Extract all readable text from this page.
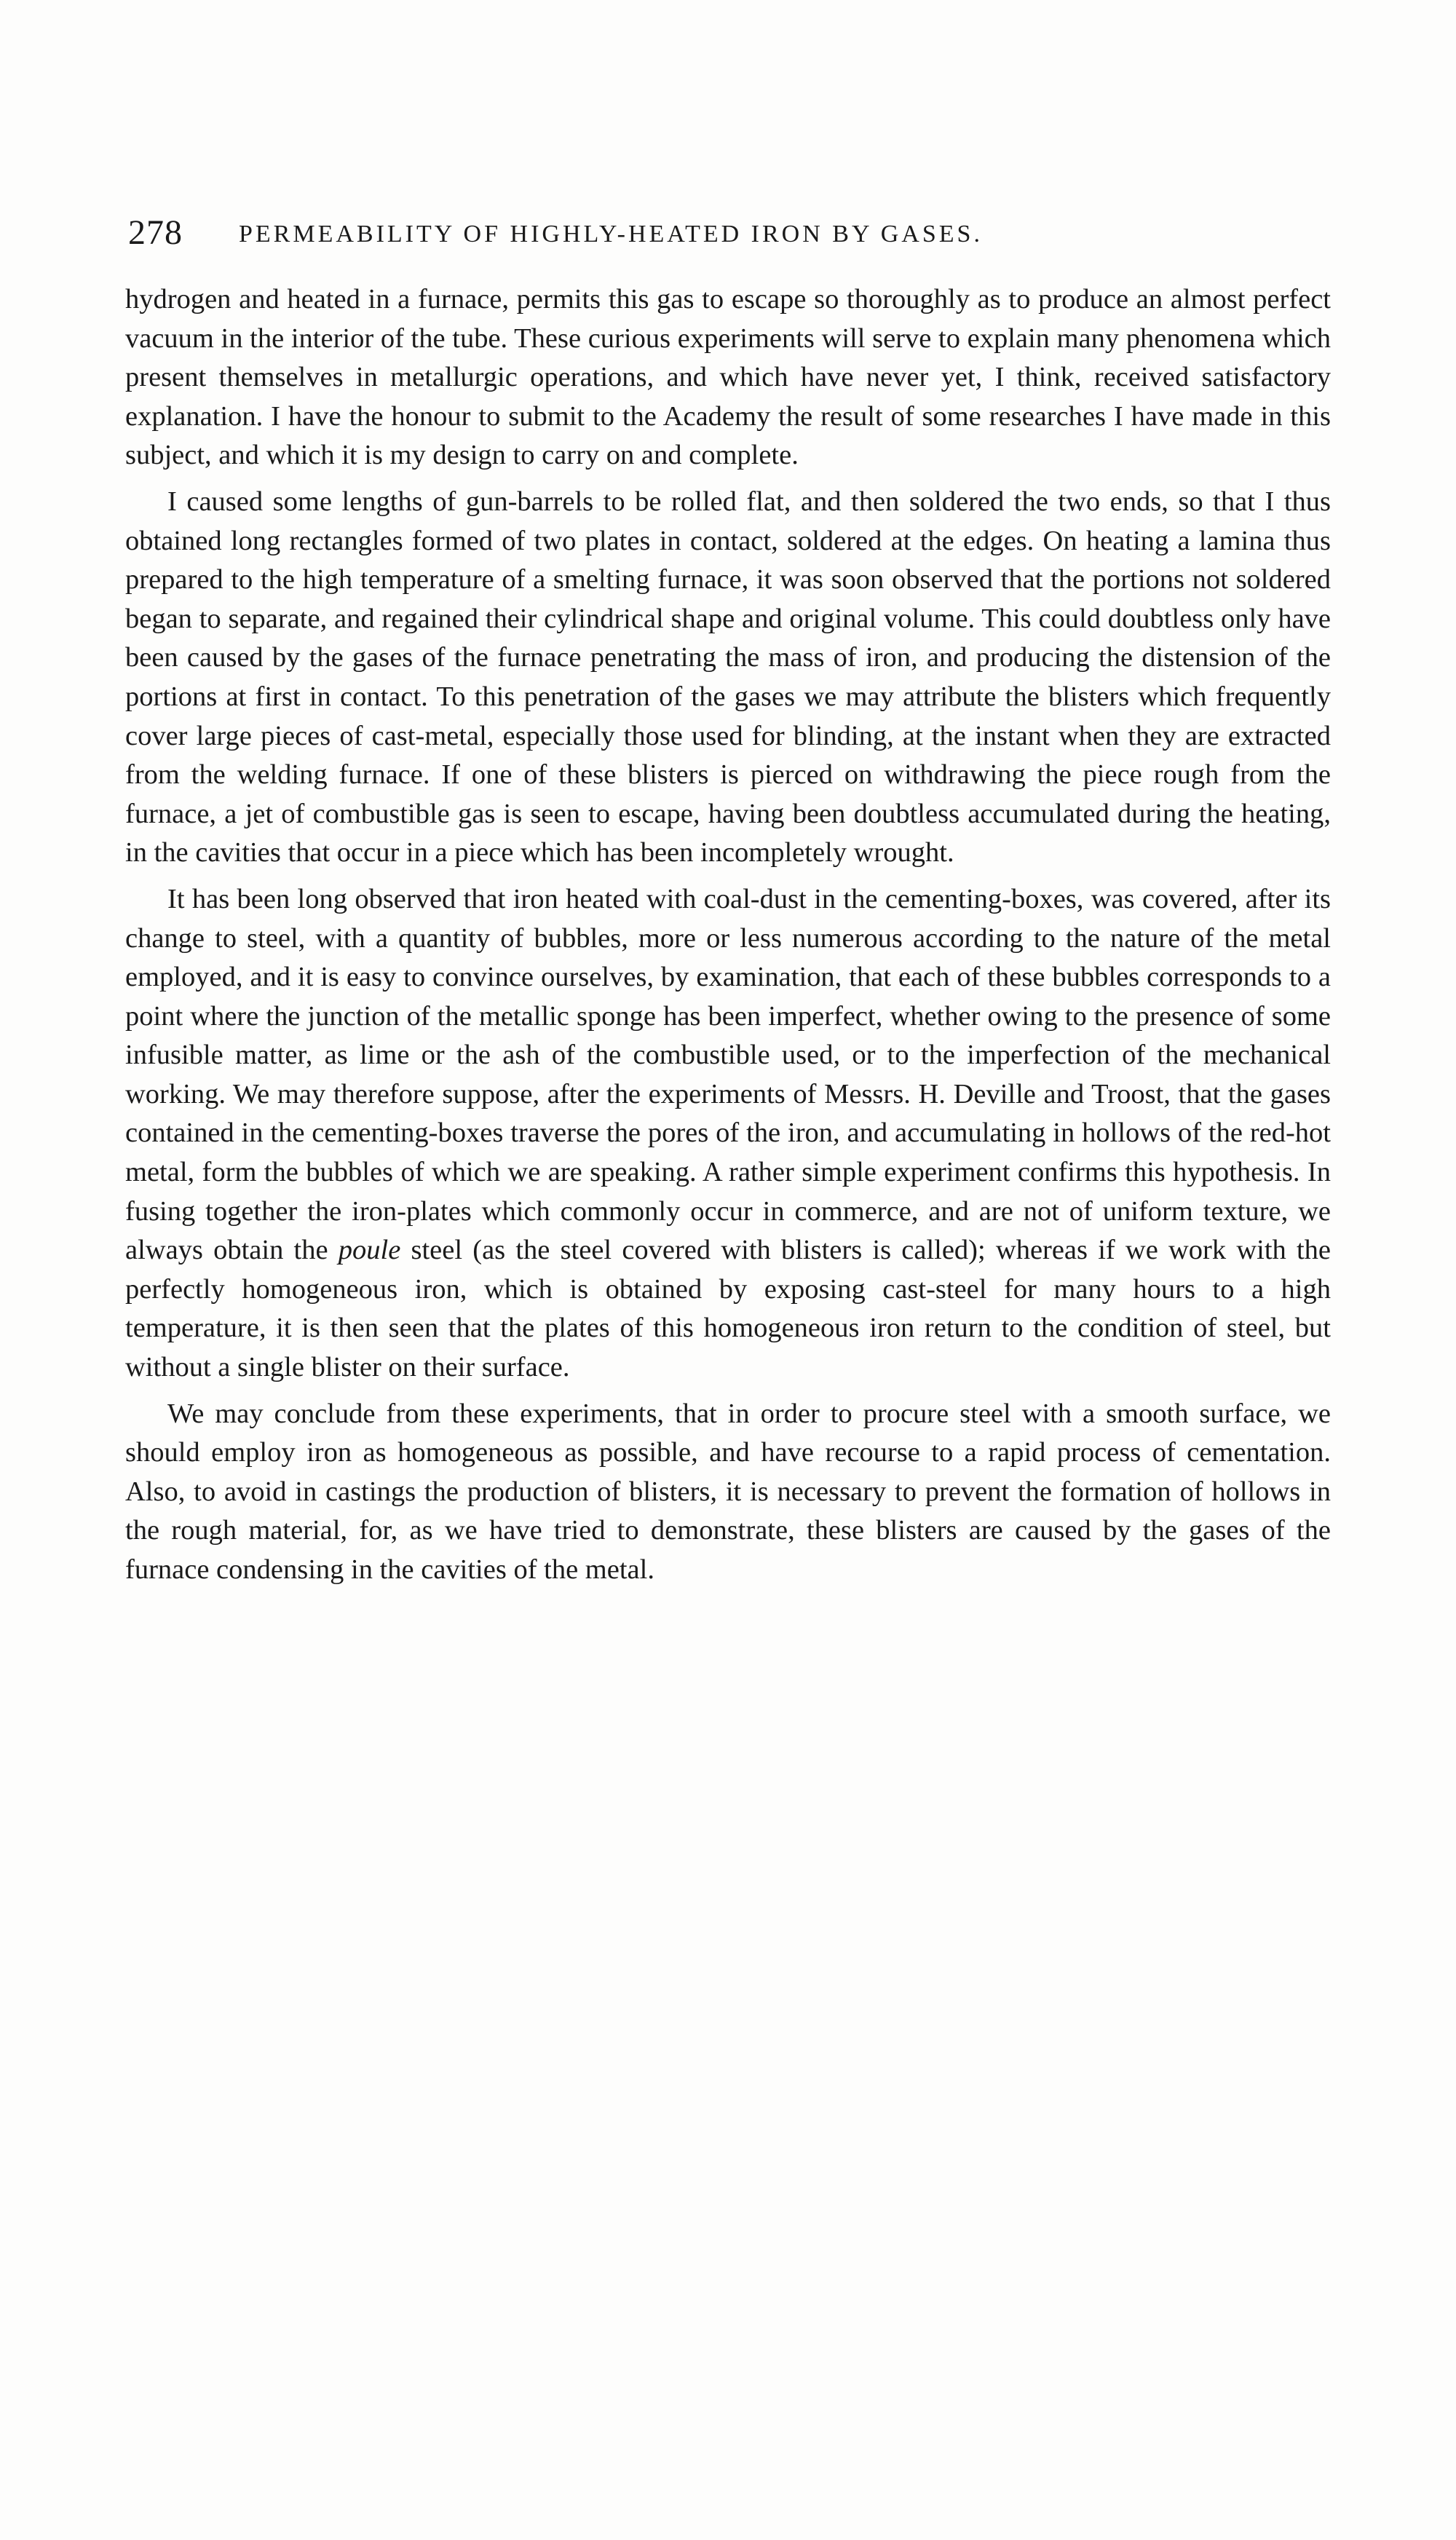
278 PERMEABILITY OF HIGHLY-HEATED IRON BY GASES.

hydrogen and heated in a furnace, permits this gas to escape so thoroughly as to produce an almost perfect vacuum in the interior of the tube. These curious experiments will serve to explain many phenomena which present themselves in metallurgic operations, and which have never yet, I think, received satisfactory explanation. I have the honour to submit to the Academy the result of some researches I have made in this subject, and which it is my design to carry on and complete.

I caused some lengths of gun-barrels to be rolled flat, and then soldered the two ends, so that I thus obtained long rectangles formed of two plates in contact, soldered at the edges. On heating a lamina thus prepared to the high temperature of a smelting furnace, it was soon observed that the portions not soldered began to separate, and regained their cylindrical shape and original volume. This could doubtless only have been caused by the gases of the furnace penetrating the mass of iron, and producing the distension of the portions at first in contact. To this penetration of the gases we may attribute the blisters which frequently cover large pieces of cast-metal, especially those used for blinding, at the instant when they are extracted from the welding furnace. If one of these blisters is pierced on withdrawing the piece rough from the furnace, a jet of combustible gas is seen to escape, having been doubtless accumulated during the heating, in the cavities that occur in a piece which has been incompletely wrought.

It has been long observed that iron heated with coal-dust in the cementing-boxes, was covered, after its change to steel, with a quantity of bubbles, more or less numerous according to the nature of the metal employed, and it is easy to convince ourselves, by examination, that each of these bubbles corresponds to a point where the junction of the metallic sponge has been imperfect, whether owing to the presence of some infusible matter, as lime or the ash of the combustible used, or to the imperfection of the mechanical working. We may therefore suppose, after the experiments of Messrs. H. Deville and Troost, that the gases contained in the cementing-boxes traverse the pores of the iron, and accumulating in hollows of the red-hot metal, form the bubbles of which we are speaking. A rather simple experiment confirms this hypothesis. In fusing together the iron-plates which commonly occur in commerce, and are not of uniform texture, we always obtain the poule steel (as the steel covered with blisters is called); whereas if we work with the perfectly homogeneous iron, which is obtained by exposing cast-steel for many hours to a high temperature, it is then seen that the plates of this homogeneous iron return to the condition of steel, but without a single blister on their surface.

We may conclude from these experiments, that in order to procure steel with a smooth surface, we should employ iron as homogeneous as possible, and have recourse to a rapid process of cementation. Also, to avoid in castings the production of blisters, it is necessary to prevent the formation of hollows in the rough material, for, as we have tried to demonstrate, these blisters are caused by the gases of the furnace condensing in the cavities of the metal.
